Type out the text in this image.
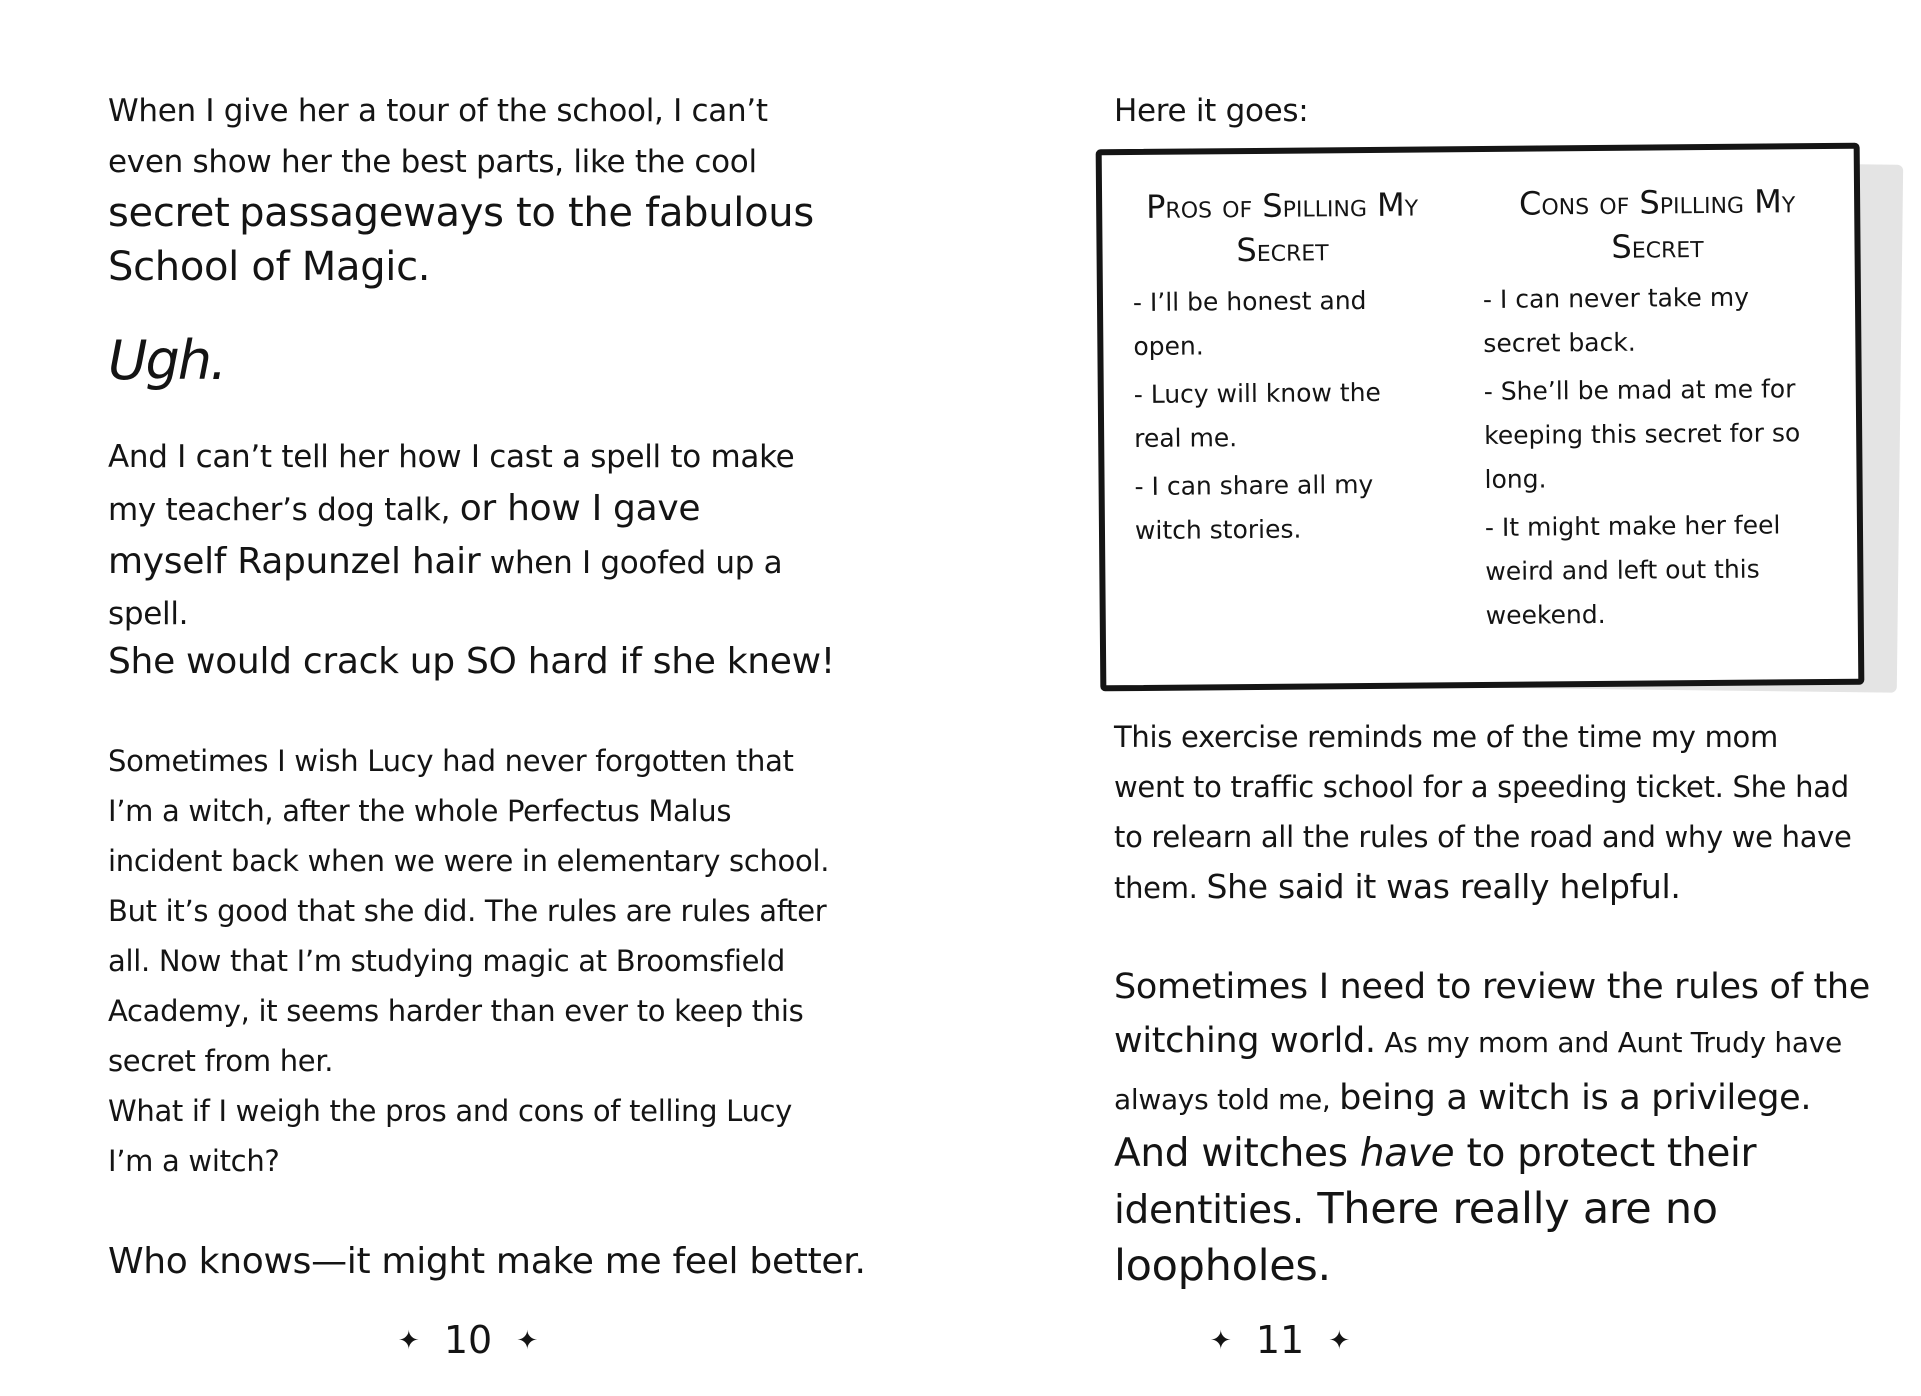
When I give her a tour of the school, I can’t even show her the best parts, like the cool secret passageways to the fabulous School of Magic.

Ugh.

And I can’t tell her how I cast a spell to make my teacher’s dog talk, or how I gave myself Rapunzel hair when I goofed up a spell.

She would crack up SO hard if she knew!

Sometimes I wish Lucy had never forgotten that I’m a witch, after the whole Perfectus Malus incident back when we were in elementary school. But it’s good that she did. The rules are rules after all. Now that I’m studying magic at Broomsfield Academy, it seems harder than ever to keep this secret from her.

What if I weigh the pros and cons of telling Lucy I’m a witch?

Who knows—it might make me feel better.

✦ 10 ✦

Here it goes:

Pros of Spilling My Secret

- I’ll be honest and open.
- Lucy will know the real me.
- I can share all my witch stories.

Cons of Spilling My Secret

- I can never take my secret back.
- She’ll be mad at me for keeping this secret for so long.
- It might make her feel weird and left out this weekend.

This exercise reminds me of the time my mom went to traffic school for a speeding ticket. She had to relearn all the rules of the road and why we have them. She said it was really helpful.

Sometimes I need to review the rules of the witching world. As my mom and Aunt Trudy have always told me, being a witch is a privilege. And witches have to protect their identities. There really are no loopholes.

✦ 11 ✦
